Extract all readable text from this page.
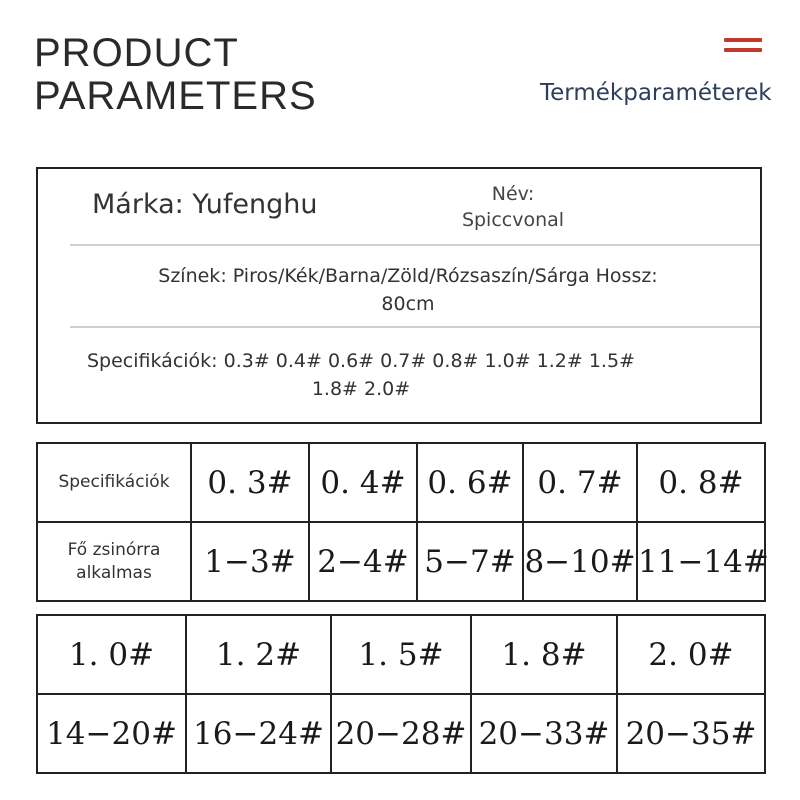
PRODUCT
PARAMETERS	Termékparaméterek
Márka: Yufenghu	Név:
Spiccvonal
Színek: Piros/Kék/Barna/Zöld/Rózsaszín/Sárga Hossz:
80cm
Specifikációk: 0.3# 0.4# 0.6# 0.7# 0.8# 1.0# 1.2# 1.5#
1.8# 2.0#
Specifikációk	0. 3#	0. 4#	0. 6#	0. 7#	0. 8#

Fő zsinórra
alkalmas	1−3#	2−4#	5−7#	8−10#	11−14#
1. 0#	1. 2#	1. 5#	1. 8#	2. 0#
14−20#	16−24#	20−28#	20−33#	20−35#
